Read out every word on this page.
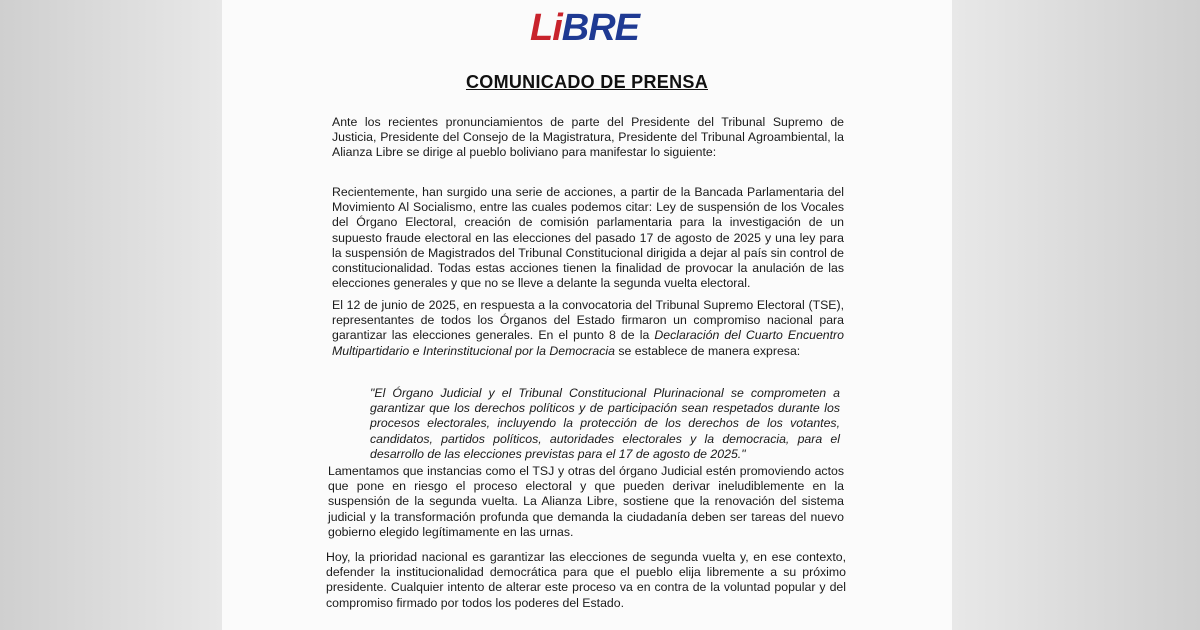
LiBRE
COMUNICADO DE PRENSA

Ante los recientes pronunciamientos de parte del Presidente del Tribunal Supremo de Justicia, Presidente del Consejo de la Magistratura, Presidente del Tribunal Agroambiental, la Alianza Libre se dirige al pueblo boliviano para manifestar lo siguiente:

Recientemente, han surgido una serie de acciones, a partir de la Bancada Parlamentaria del Movimiento Al Socialismo, entre las cuales podemos citar: Ley de suspensión de los Vocales del Órgano Electoral, creación de comisión parlamentaria para la investigación de un supuesto fraude electoral en las elecciones del pasado 17 de agosto de 2025 y una ley para la suspensión de Magistrados del Tribunal Constitucional dirigida a dejar al país sin control de constitucionalidad. Todas estas acciones tienen la finalidad de provocar la anulación de las elecciones generales y que no se lleve a delante la segunda vuelta electoral.

El 12 de junio de 2025, en respuesta a la convocatoria del Tribunal Supremo Electoral (TSE), representantes de todos los Órganos del Estado firmaron un compromiso nacional para garantizar las elecciones generales. En el punto 8 de la Declaración del Cuarto Encuentro Multipartidario e Interinstitucional por la Democracia se establece de manera expresa:

"El Órgano Judicial y el Tribunal Constitucional Plurinacional se comprometen a garantizar que los derechos políticos y de participación sean respetados durante los procesos electorales, incluyendo la protección de los derechos de los votantes, candidatos, partidos políticos, autoridades electorales y la democracia, para el desarrollo de las elecciones previstas para el 17 de agosto de 2025."

Lamentamos que instancias como el TSJ y otras del órgano Judicial estén promoviendo actos que pone en riesgo el proceso electoral y que pueden derivar ineludiblemente en la suspensión de la segunda vuelta. La Alianza Libre, sostiene que la renovación del sistema judicial y la transformación profunda que demanda la ciudadanía deben ser tareas del nuevo gobierno elegido legítimamente en las urnas.

Hoy, la prioridad nacional es garantizar las elecciones de segunda vuelta y, en ese contexto, defender la institucionalidad democrática para que el pueblo elija libremente a su próximo presidente. Cualquier intento de alterar este proceso va en contra de la voluntad popular y del compromiso firmado por todos los poderes del Estado.
